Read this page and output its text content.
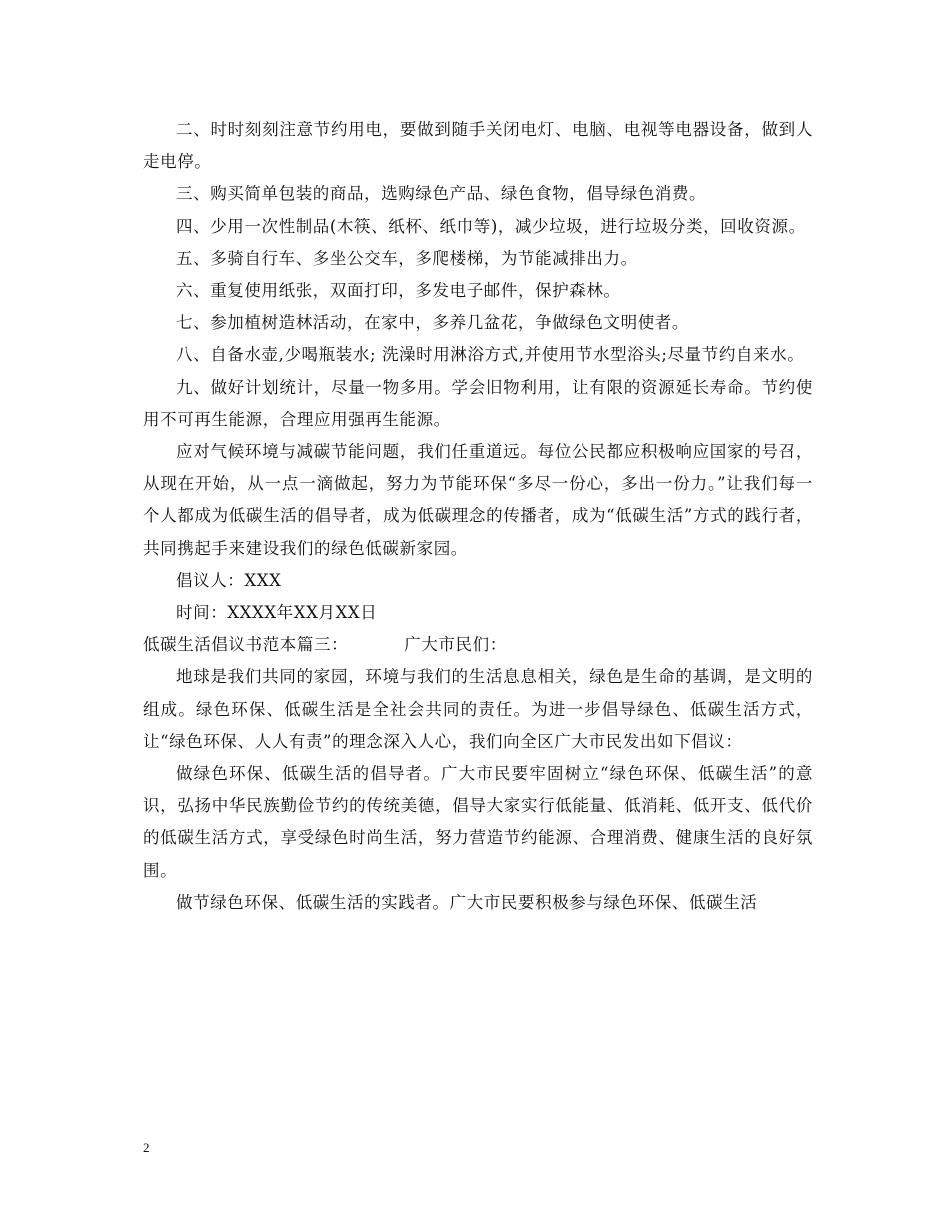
二、时时刻刻注意节约用电，要做到随手关闭电灯、电脑、电视等电器设备，做到人走电停。

三、购买简单包装的商品，选购绿色产品、绿色食物，倡导绿色消费。

四、少用一次性制品(木筷、纸杯、纸巾等)，减少垃圾，进行垃圾分类，回收资源。

五、多骑自行车、多坐公交车，多爬楼梯，为节能减排出力。

六、重复使用纸张，双面打印，多发电子邮件，保护森林。

七、参加植树造林活动，在家中，多养几盆花，争做绿色文明使者。

八、自备水壶,少喝瓶装水; 洗澡时用淋浴方式,并使用节水型浴头;尽量节约自来水。

九、做好计划统计，尽量一物多用。学会旧物利用，让有限的资源延长寿命。节约使用不可再生能源，合理应用强再生能源。

应对气候环境与减碳节能问题，我们任重道远。每位公民都应积极响应国家的号召，从现在开始，从一点一滴做起，努力为节能环保“多尽一份心，多出一份力。”让我们每一个人都成为低碳生活的倡导者，成为低碳理念的传播者，成为“低碳生活”方式的践行者，共同携起手来建设我们的绿色低碳新家园。

倡议人：XXX

时间：XXXX年XX月XX日

低碳生活倡议书范本篇三：	广大市民们：

地球是我们共同的家园，环境与我们的生活息息相关，绿色是生命的基调，是文明的组成。绿色环保、低碳生活是全社会共同的责任。为进一步倡导绿色、低碳生活方式，让“绿色环保、人人有责”的理念深入人心，我们向全区广大市民发出如下倡议：

做绿色环保、低碳生活的倡导者。广大市民要牢固树立“绿色环保、低碳生活”的意识，弘扬中华民族勤俭节约的传统美德，倡导大家实行低能量、低消耗、低开支、低代价的低碳生活方式，享受绿色时尚生活，努力营造节约能源、合理消费、健康生活的良好氛围。

做节绿色环保、低碳生活的实践者。广大市民要积极参与绿色环保、低碳生活

2
